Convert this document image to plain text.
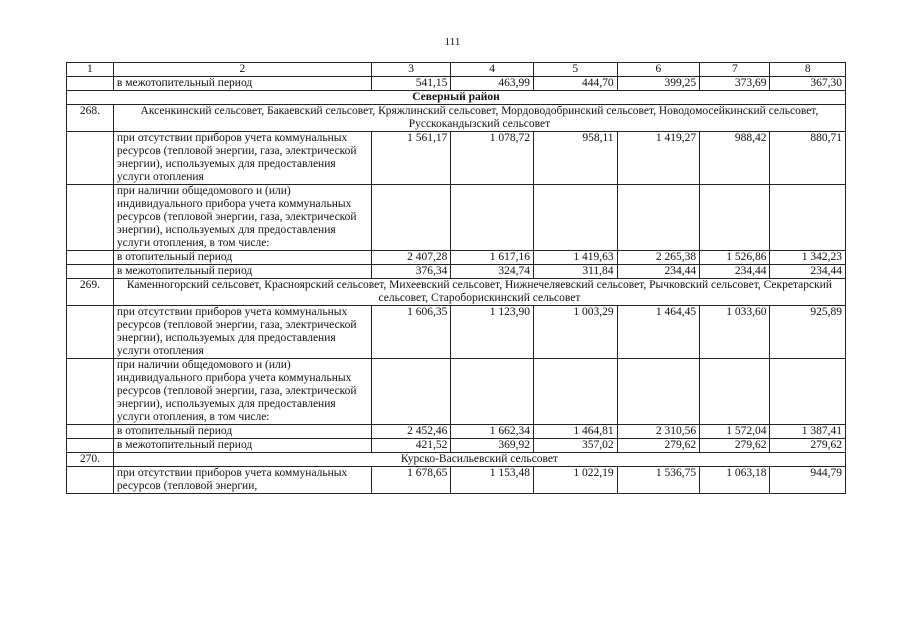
111
1	2	3	4	5	6	7	8
	в межотопительный период	541,15	463,99	444,70	399,25	373,69	367,30
Северный район							
268.	Аксенкинский сельсовет, Бакаевский сельсовет, Кряжлинский сельсовет, Мордоводобринский сельсовет, Новодомосейкинский сельсовет, Русскокандызский сельсовет						
	при отсутствии приборов учета коммунальных ресурсов (тепловой энергии, газа, электрической энергии), используемых для предоставления услуги отопления	1 561,17	1 078,72	958,11	1 419,27	988,42	880,71
	при наличии общедомового и (или) индивидуального прибора учета коммунальных ресурсов (тепловой энергии, газа, электрической энергии), используемых для предоставления услуги отопления, в том числе:						
	в отопительный период	2 407,28	1 617,16	1 419,63	2 265,38	1 526,86	1 342,23
	в межотопительный период	376,34	324,74	311,84	234,44	234,44	234,44
269.	Каменногорский сельсовет, Красноярский сельсовет, Михеевский сельсовет, Нижнечеляевский сельсовет, Рычковский сельсовет, Секретарский сельсовет, Староборискинский сельсовет						
	при отсутствии приборов учета коммунальных ресурсов (тепловой энергии, газа, электрической энергии), используемых для предоставления услуги отопления	1 606,35	1 123,90	1 003,29	1 464,45	1 033,60	925,89
	при наличии общедомового и (или) индивидуального прибора учета коммунальных ресурсов (тепловой энергии, газа, электрической энергии), используемых для предоставления услуги отопления, в том числе:						
	в отопительный период	2 452,46	1 662,34	1 464,81	2 310,56	1 572,04	1 387,41
	в межотопительный период	421,52	369,92	357,02	279,62	279,62	279,62
270.	Курско-Васильевский сельсовет						
	при отсутствии приборов учета коммунальных ресурсов (тепловой энергии,	1 678,65	1 153,48	1 022,19	1 536,75	1 063,18	944,79
